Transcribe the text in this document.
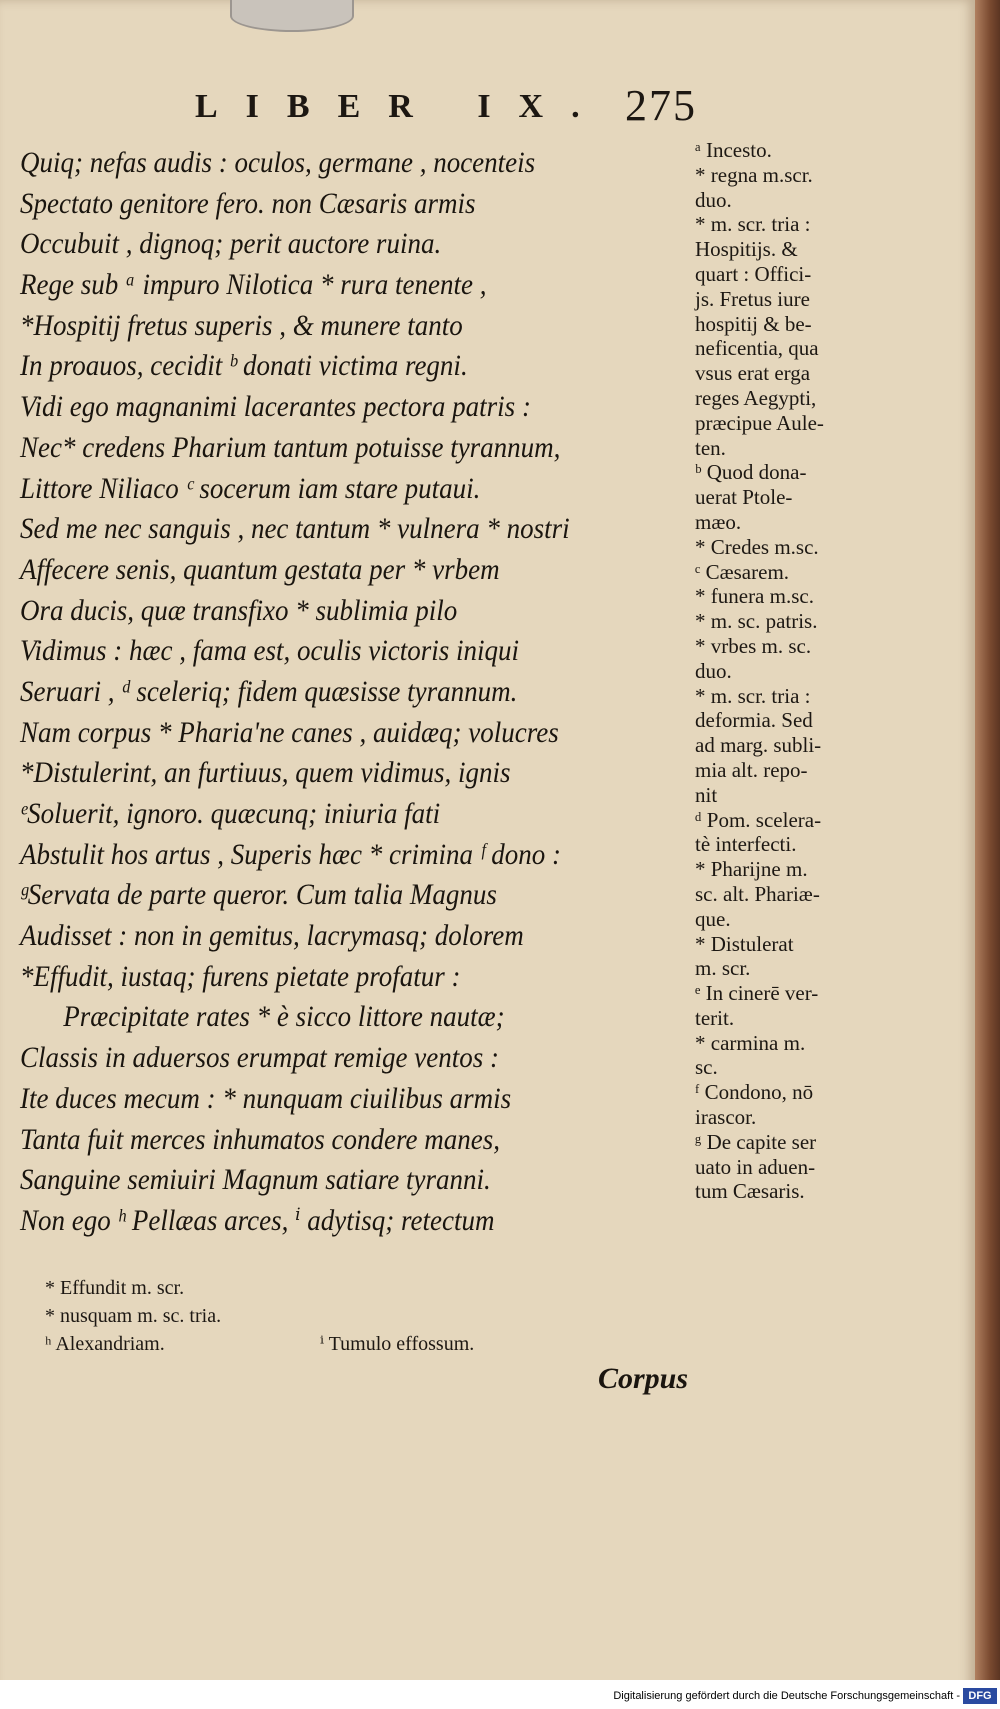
LIBER IX. 275
Quiq; nefas audis : oculos, germane , nocenteis
Spectato genitore fero. non Cæsaris armis
Occubuit , dignoq; perit auctore ruina.
Rege sub ᵃ impuro Nilotica * rura tenente ,
*Hospitij fretus superis , & munere tanto
In proauos, cecidit ᵇ donati victima regni.
Vidi ego magnanimi lacerantes pectora patris :
Nec* credens Pharium tantum potuisse tyrannum,
Littore Niliaco ᶜ socerum iam stare putaui.
Sed me nec sanguis , nec tantum * vulnera * nostri
Affecere senis, quantum gestata per * vrbem
Ora ducis, quæ transfixo * sublimia pilo
Vidimus : hæc , fama est, oculis victoris iniqui
Seruari , ᵈ sceleriq; fidem quæsisse tyrannum.
Nam corpus * Pharia'ne canes , auidæq; volucres
*Distulerint, an furtiuus, quem vidimus, ignis
ᵉSoluerit, ignoro. quæcunq; iniuria fati
Abstulit hos artus , Superis hæc * crimina ᶠ dono :
ᵍServata de parte queror. Cum talia Magnus
Audisset : non in gemitus, lacrymasq; dolorem
*Effudit, iustaq; furens pietate profatur :
Præcipitate rates * è sicco littore nautæ;
Classis in aduersos erumpat remige ventos :
Ite duces mecum : * nunquam ciuilibus armis
Tanta fuit merces inhumatos condere manes,
Sanguine semiuiri Magnum satiare tyranni.
Non ego ʰ Pellæas arces, ⁱ adytisq; retectum
ᵃ Incesto.
* regna m.scr.
duo.
* m. scr. tria :
Hospitijs. &
quart : Offici-
js. Fretus iure
hospitij & be-
neficentia, qua
vsus erat erga
reges Aegypti,
præcipue Aule-
ten.
ᵇ Quod dona-
uerat Ptole-
mæo.
* Credes m.sc.
ᶜ Cæsarem.
* funera m.sc.
* m. sc. patris.
* vrbes m. sc.
duo.
* m. scr. tria :
deformia. Sed
ad marg. subli-
mia alt. repo-
nit
ᵈ Pom. scelera-
tè interfecti.
* Pharijne m.
sc. alt. Phariæ-
que.
* Distulerat
m. scr.
ᵉ In cinerē ver-
terit.
* carmina m.
sc.
ᶠ Condono, nō
irascor.
ᵍ De capite ser
uato in aduen-
tum Cæsaris.
* Effundit m. scr.
* nusquam m. sc. tria.
ʰ Alexandriam.	ⁱ Tumulo effossum.
Corpus
Digitalisierung gefördert durch die Deutsche Forschungsgemeinschaft - DFG
